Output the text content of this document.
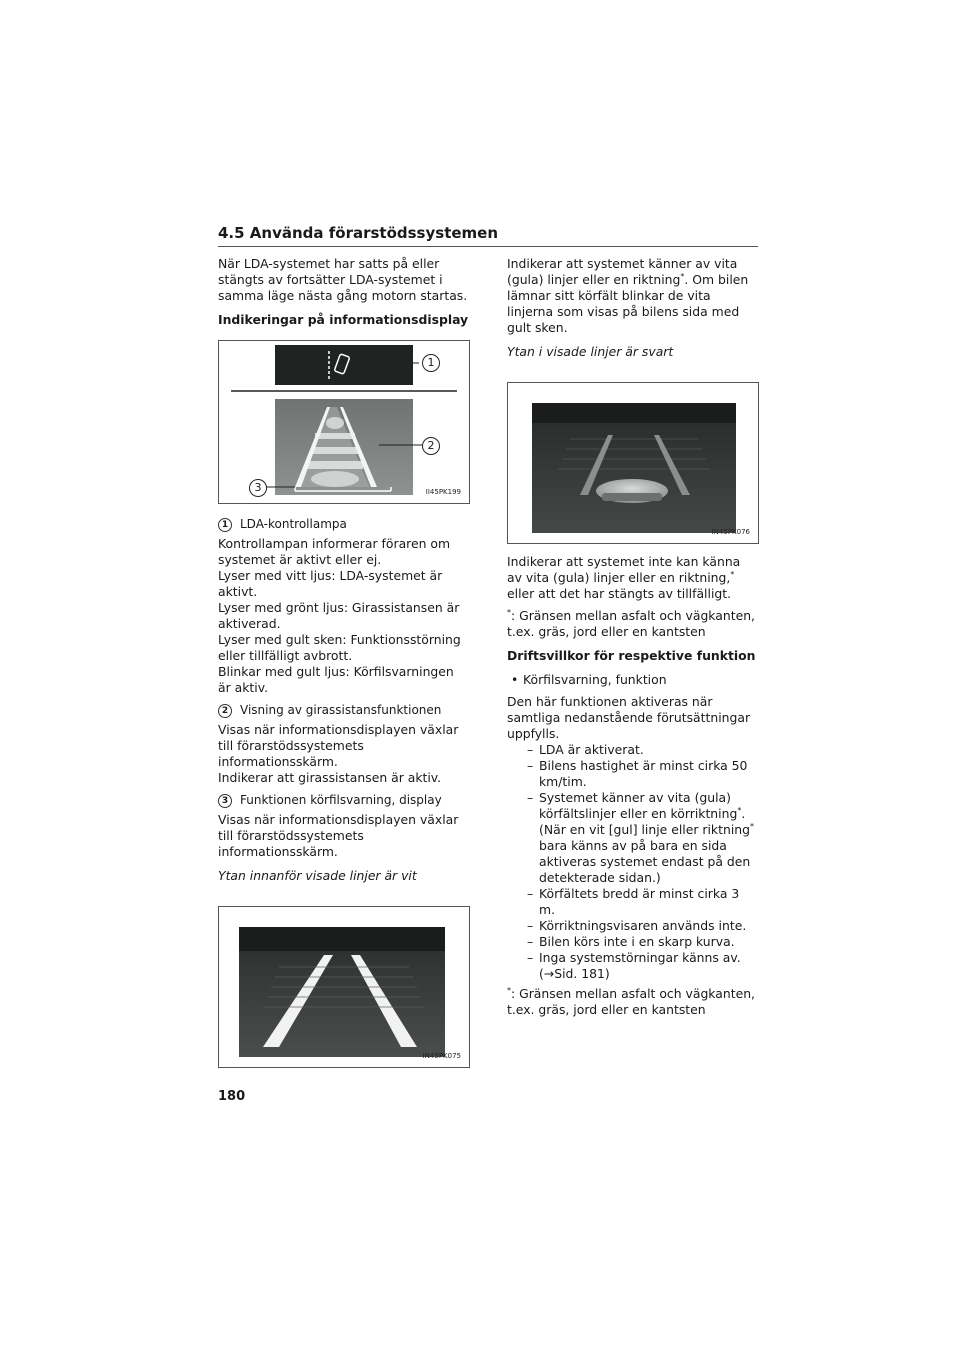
4.5 Använda förarstödssystemen

När LDA-systemet har satts på eller stängts av fortsätter LDA-systemet i samma läge nästa gång motorn startas.

Indikeringar på informationsdisplay

1
2
3	II45PK199
1 LDA-kontrollampa

Kontrollampan informerar föraren om systemet är aktivt eller ej.

Lyser med vitt ljus: LDA-systemet är aktivt.

Lyser med grönt ljus: Girassistansen är aktiverad.

Lyser med gult sken: Funktionsstörning eller tillfälligt avbrott.

Blinkar med gult ljus: Körfilsvarningen är aktiv.

2 Visning av girassistansfunktionen

Visas när informationsdisplayen växlar till förarstödssystemets informationsskärm.

Indikerar att girassistansen är aktiv.

3 Funktionen körfilsvarning, display

Visas när informationsdisplayen växlar till förarstödssystemets informationsskärm.

Ytan innanför visade linjer är vit

IN45PK075

Indikerar att systemet känner av vita (gula) linjer eller en riktning*. Om bilen lämnar sitt körfält blinkar de vita linjerna som visas på bilens sida med gult sken.

Ytan i visade linjer är svart

IN45PK076

Indikerar att systemet inte kan känna av vita (gula) linjer eller en riktning,* eller att det har stängts av tillfälligt.

*: Gränsen mellan asfalt och vägkanten, t.ex. gräs, jord eller en kantsten

Driftsvillkor för respektive funktion

• Körfilsvarning, funktion

Den här funktionen aktiveras när samtliga nedanstående förutsättningar uppfylls.

– LDA är aktiverat.
– Bilens hastighet är minst cirka 50 km/tim.
– Systemet känner av vita (gula) körfältslinjer eller en körriktning*. (När en vit [gul] linje eller riktning* bara känns av på bara en sida aktiveras systemet endast på den detekterade sidan.)
– Körfältets bredd är minst cirka 3 m.
– Körriktningsvisaren används inte.
– Bilen körs inte i en skarp kurva.
– Inga systemstörningar känns av. (→Sid. 181)

*: Gränsen mellan asfalt och vägkanten, t.ex. gräs, jord eller en kantsten

180
